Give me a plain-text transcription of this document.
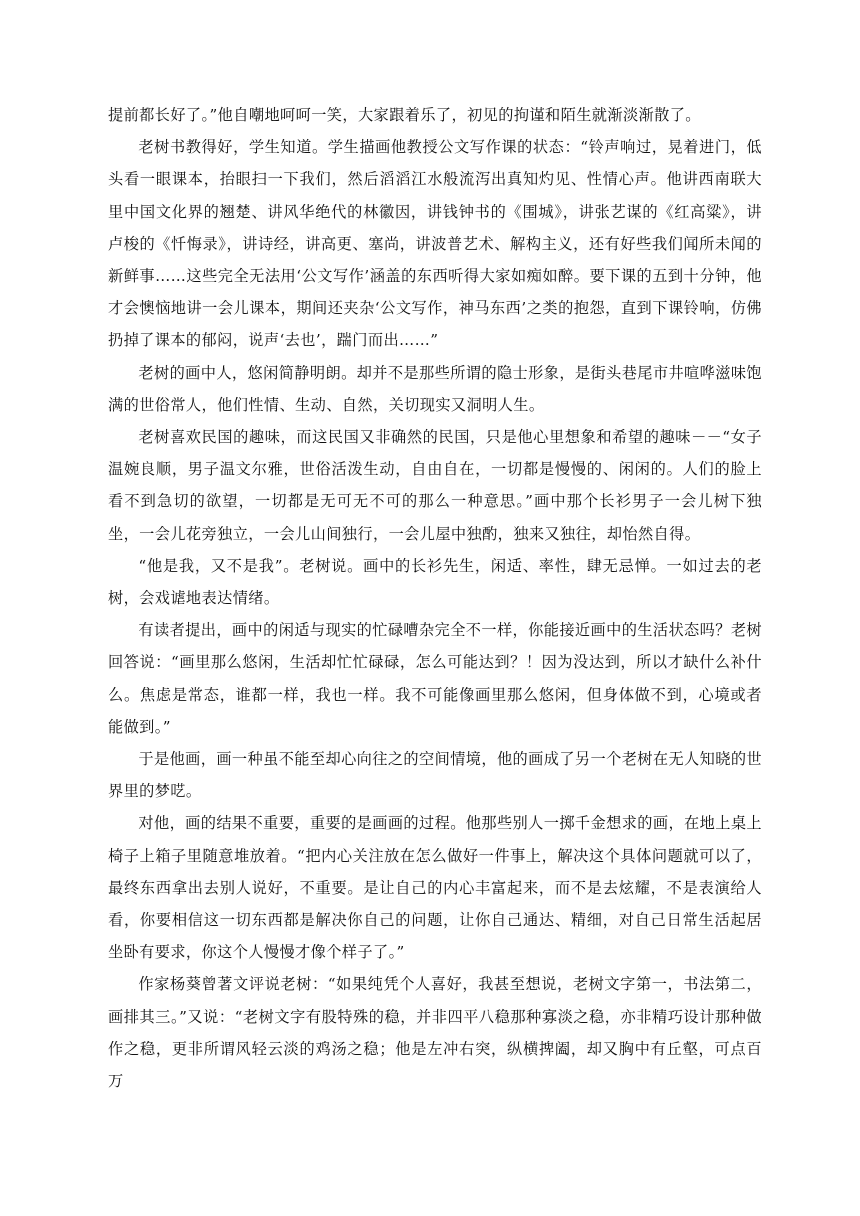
提前都长好了。”他自嘲地呵呵一笑，大家跟着乐了，初见的拘谨和陌生就渐淡渐散了。

老树书教得好，学生知道。学生描画他教授公文写作课的状态：“铃声响过，晃着进门，低头看一眼课本，抬眼扫一下我们，然后滔滔江水般流泻出真知灼见、性情心声。他讲西南联大里中国文化界的翘楚、讲风华绝代的林徽因，讲钱钟书的《围城》，讲张艺谋的《红高粱》，讲卢梭的《忏悔录》，讲诗经，讲高更、塞尚，讲波普艺术、解构主义，还有好些我们闻所未闻的新鲜事……这些完全无法用‘公文写作’涵盖的东西听得大家如痴如醉。要下课的五到十分钟，他才会懊恼地讲一会儿课本，期间还夹杂‘公文写作，神马东西’之类的抱怨，直到下课铃响，仿佛扔掉了课本的郁闷，说声‘去也’，踹门而出……”

老树的画中人，悠闲简静明朗。却并不是那些所谓的隐士形象，是街头巷尾市井喧哗滋味饱满的世俗常人，他们性情、生动、自然，关切现实又洞明人生。

老树喜欢民国的趣味，而这民国又非确然的民国，只是他心里想象和希望的趣味－－“女子温婉良顺，男子温文尔雅，世俗活泼生动，自由自在，一切都是慢慢的、闲闲的。人们的脸上看不到急切的欲望，一切都是无可无不可的那么一种意思。”画中那个长衫男子一会儿树下独坐，一会儿花旁独立，一会儿山间独行，一会儿屋中独酌，独来又独往，却怡然自得。

“他是我，又不是我”。老树说。画中的长衫先生，闲适、率性，肆无忌惮。一如过去的老树，会戏谑地表达情绪。

有读者提出，画中的闲适与现实的忙碌嘈杂完全不一样，你能接近画中的生活状态吗？老树回答说：“画里那么悠闲，生活却忙忙碌碌，怎么可能达到？！因为没达到，所以才缺什么补什么。焦虑是常态，谁都一样，我也一样。我不可能像画里那么悠闲，但身体做不到，心境或者能做到。”

于是他画，画一种虽不能至却心向往之的空间情境，他的画成了另一个老树在无人知晓的世界里的梦呓。

对他，画的结果不重要，重要的是画画的过程。他那些别人一掷千金想求的画，在地上桌上椅子上箱子里随意堆放着。“把内心关注放在怎么做好一件事上，解决这个具体问题就可以了，最终东西拿出去别人说好，不重要。是让自己的内心丰富起来，而不是去炫耀，不是表演给人看，你要相信这一切东西都是解决你自己的问题，让你自己通达、精细，对自己日常生活起居坐卧有要求，你这个人慢慢才像个样子了。”

作家杨葵曾著文评说老树：“如果纯凭个人喜好，我甚至想说，老树文字第一，书法第二，画排其三。”又说：“老树文字有股特殊的稳，并非四平八稳那种寡淡之稳，亦非精巧设计那种做作之稳，更非所谓风轻云淡的鸡汤之稳；他是左冲右突，纵横捭阖，却又胸中有丘壑，可点百万
